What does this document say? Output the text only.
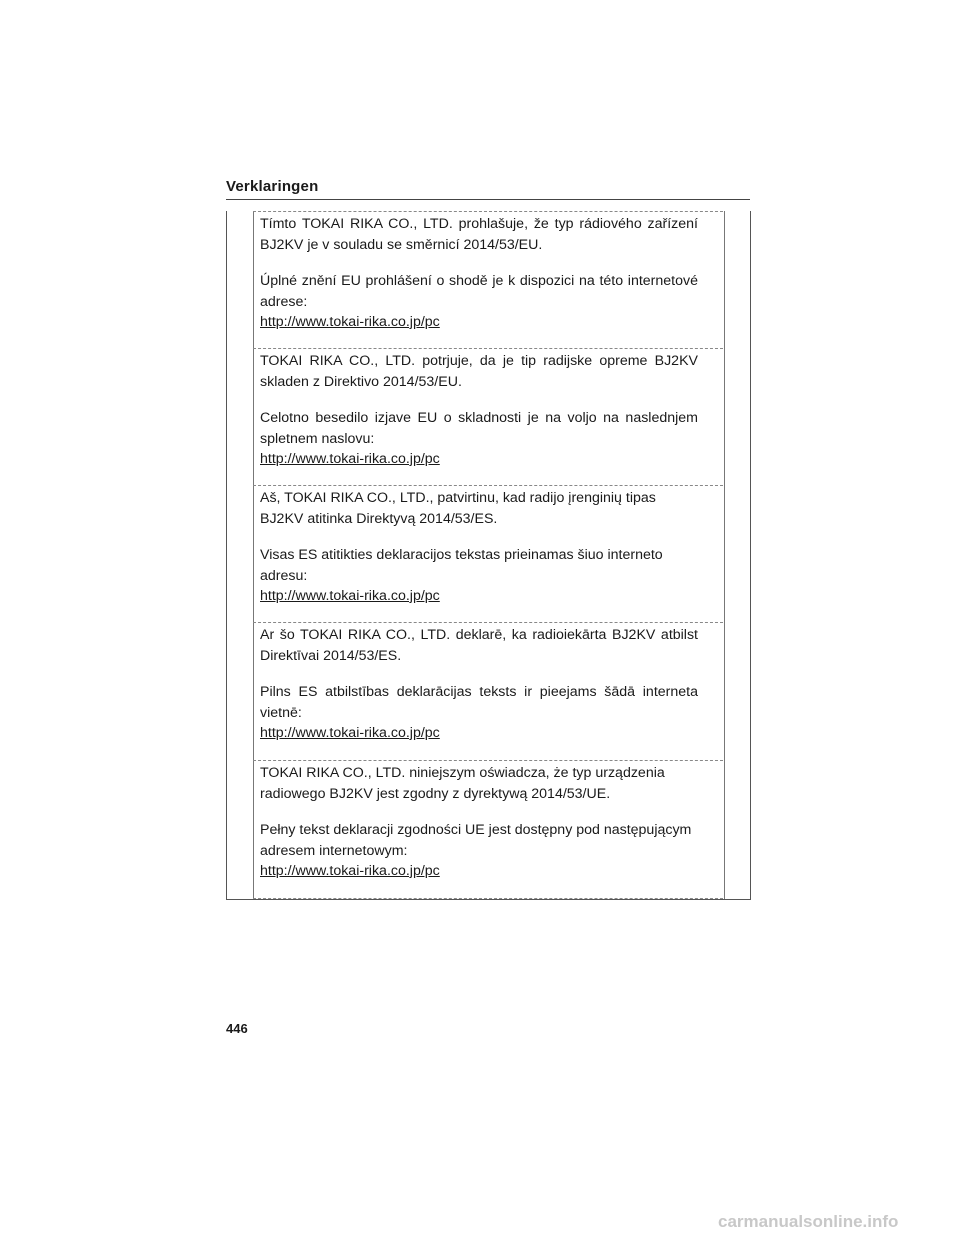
Verklaringen
Tímto TOKAI RIKA CO., LTD. prohlašuje, že typ rádiového zařízení BJ2KV je v souladu se směrnicí 2014/53/EU.
Úplné znění EU prohlášení o shodě je k dispozici na této internetové adrese:
http://www.tokai-rika.co.jp/pc
TOKAI RIKA CO., LTD. potrjuje, da je tip radijske opreme BJ2KV skladen z Direktivo 2014/53/EU.
Celotno besedilo izjave EU o skladnosti je na voljo na naslednjem spletnem naslovu:
http://www.tokai-rika.co.jp/pc
Aš, TOKAI RIKA CO., LTD., patvirtinu, kad radijo įrenginių tipas BJ2KV atitinka Direktyvą 2014/53/ES.
Visas ES atitikties deklaracijos tekstas prieinamas šiuo interneto adresu:
http://www.tokai-rika.co.jp/pc
Ar šo TOKAI RIKA CO., LTD. deklarē, ka radioiekārta BJ2KV atbilst Direktīvai 2014/53/ES.
Pilns ES atbilstības deklarācijas teksts ir pieejams šādā interneta vietnē:
http://www.tokai-rika.co.jp/pc
TOKAI RIKA CO., LTD. niniejszym oświadcza, że typ urządzenia radiowego BJ2KV jest zgodny z dyrektywą 2014/53/UE.
Pełny tekst deklaracji zgodności UE jest dostępny pod następującym adresem internetowym:
http://www.tokai-rika.co.jp/pc
446
carmanualsonline.info
